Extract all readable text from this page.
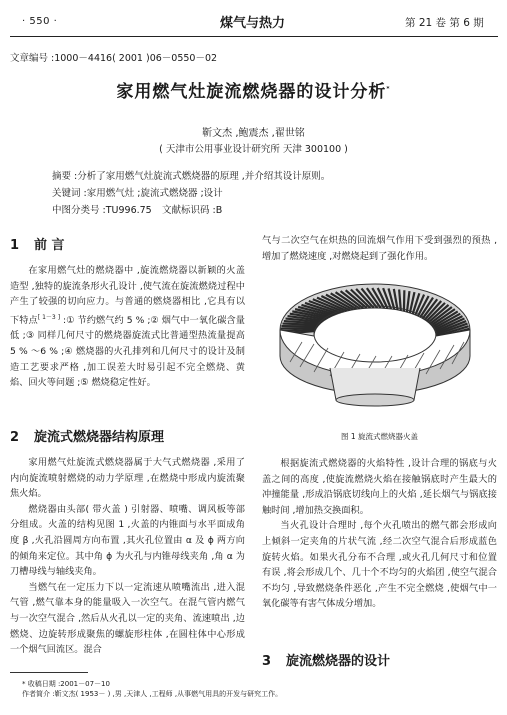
· 550 ·	煤气与热力	第 21 卷 第 6 期
文章编号 :1000－4416( 2001 )06－0550－02
家用燃气灶旋流燃烧器的设计分析*
靳文杰 ,鲍震杰 ,翟世铭
( 天津市公用事业设计研究所 天津 300100 )
摘要 :分析了家用燃气灶旋流式燃烧器的原理 ,并介绍其设计原则。
关键词 :家用燃气灶 ;旋流式燃烧器 ;设计
中图分类号 :TU996.75 文献标识码 :B
1 前 言

在家用燃气灶的燃烧器中 ,旋流燃烧器以新颖的火盖造型 ,独特的旋流条形火孔设计 ,使气流在旋流燃烧过程中产生了较强的切向应力。与普通的燃烧器相比 ,它具有以下特点[ 1－3 ] :① 节约燃气约 5 % ;② 烟气中一氧化碳含量低 ;③ 同样几何尺寸的燃烧器旋流式比普通型热流量提高 5 % ～6 % ;④ 燃烧器的火孔排列和几何尺寸的设计及制造工艺要求严格 ,加工误差大时易引起不完全燃烧、黄焰、回火等问题 ;⑤ 燃烧稳定性好。

2 旋流式燃烧器结构原理

家用燃气灶旋流式燃烧器属于大气式燃烧器 ,采用了内向旋流喷射燃烧的动力学原理 ,在燃烧中形成内旋流聚焦火焰。

燃烧器由头部( 带火盖 ) 引射器、喷嘴、调风板等部分组成。火盖的结构见图 1 ,火盖的内锥面与水平面成角度 β ,火孔沿圆周方向布置 ,其火孔位置由 α 及 ϕ 两方向的倾角来定位。其中角 ϕ 为火孔与内锥母线夹角 ,角 α 为刀槽母线与轴线夹角。

当燃气在一定压力下以一定流速从喷嘴流出 ,进入混气管 ,燃气靠本身的能量吸入一次空气。在混气管内燃气与一次空气混合 ,然后从火孔以一定的夹角、流速喷出 ,边燃烧、边旋转形成聚焦的螺旋形柱体 ,在圆柱体中心形成一个烟气回流区。混合

气与二次空气在炽热的回流烟气作用下受到强烈的预热 ,增加了燃烧速度 ,对燃烧起到了强化作用。

图 1 旋流式燃烧器火盖

根据旋流式燃烧器的火焰特性 ,设计合理的锅底与火盖之间的高度 ,使旋流燃烧火焰在接触锅底时产生最大的冲撞能量 ,形成沿锅底切线向上的火焰 ,延长烟气与锅底接触时间 ,增加热交换面积。

当火孔设计合理时 ,每个火孔喷出的燃气都会形成向上倾斜一定夹角的片状气流 ,经二次空气混合后形成蓝色旋转火焰。如果火孔分布不合理 ,或火孔几何尺寸和位置有误 ,将会形成几个、几十个不均匀的火焰团 ,使空气混合不均匀 ,导致燃烧条件恶化 ,产生不完全燃烧 ,使烟气中一氧化碳等有害气体成分增加。

3 旋流燃烧器的设计
* 收稿日期 :2001－07－10
作者简介 :靳文杰( 1953－ ) ,男 ,天津人 ,工程师 ,从事燃气用具的开发与研究工作。
